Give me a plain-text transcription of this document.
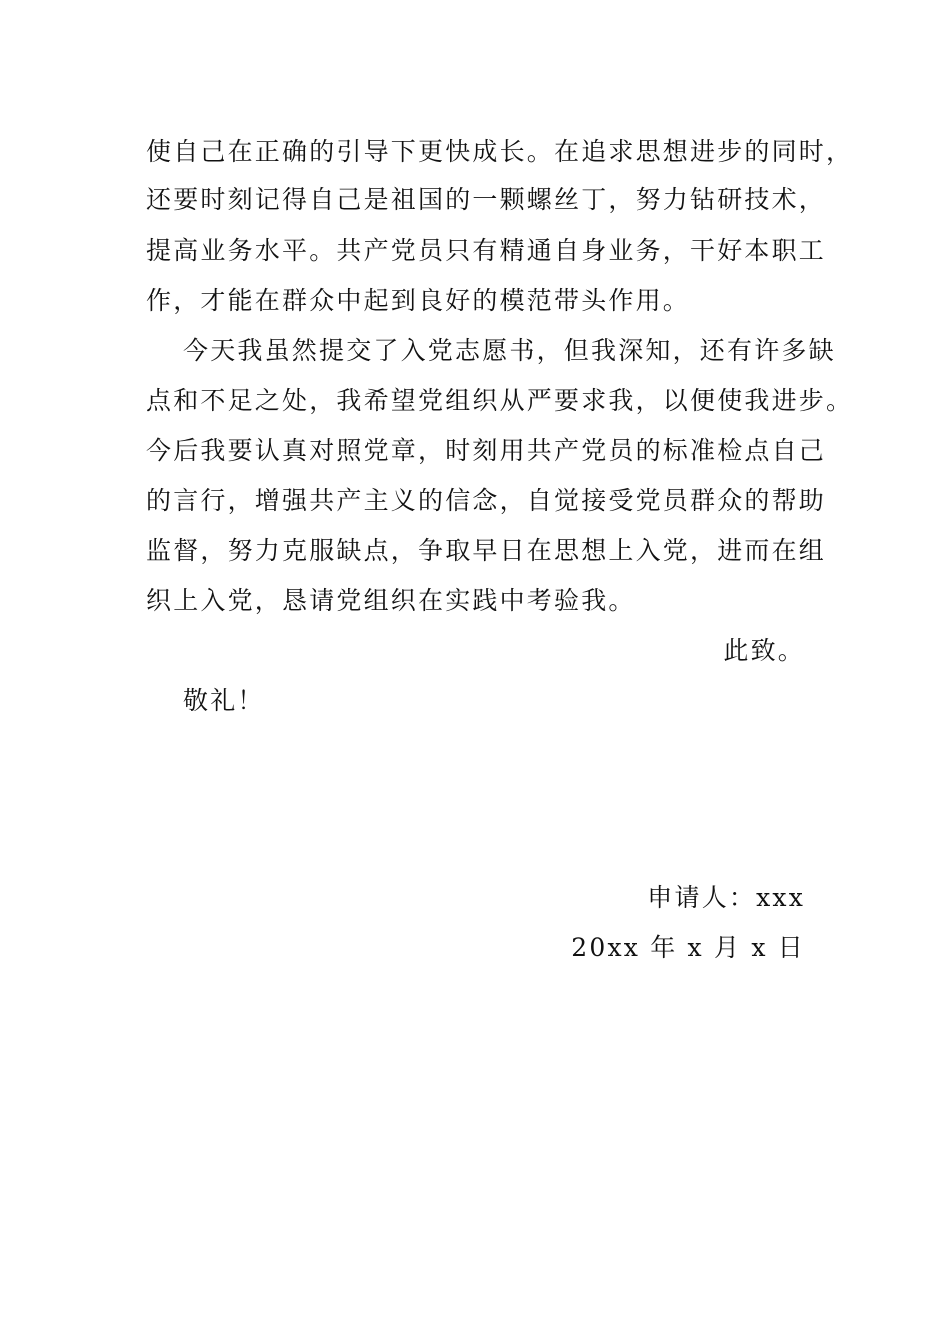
使自己在正确的引导下更快成长。在追求思想进步的同时，
还要时刻记得自己是祖国的一颗螺丝丁，努力钻研技术，
提高业务水平。共产党员只有精通自身业务，干好本职工
作，才能在群众中起到良好的模范带头作用。
今天我虽然提交了入党志愿书，但我深知，还有许多缺
点和不足之处，我希望党组织从严要求我，以便使我进步。
今后我要认真对照党章，时刻用共产党员的标准检点自己
的言行，增强共产主义的信念，自觉接受党员群众的帮助
监督，努力克服缺点，争取早日在思想上入党，进而在组
织上入党，恳请党组织在实践中考验我。
此致。
敬礼！
申请人：xxx
20xx 年 x 月 x 日
